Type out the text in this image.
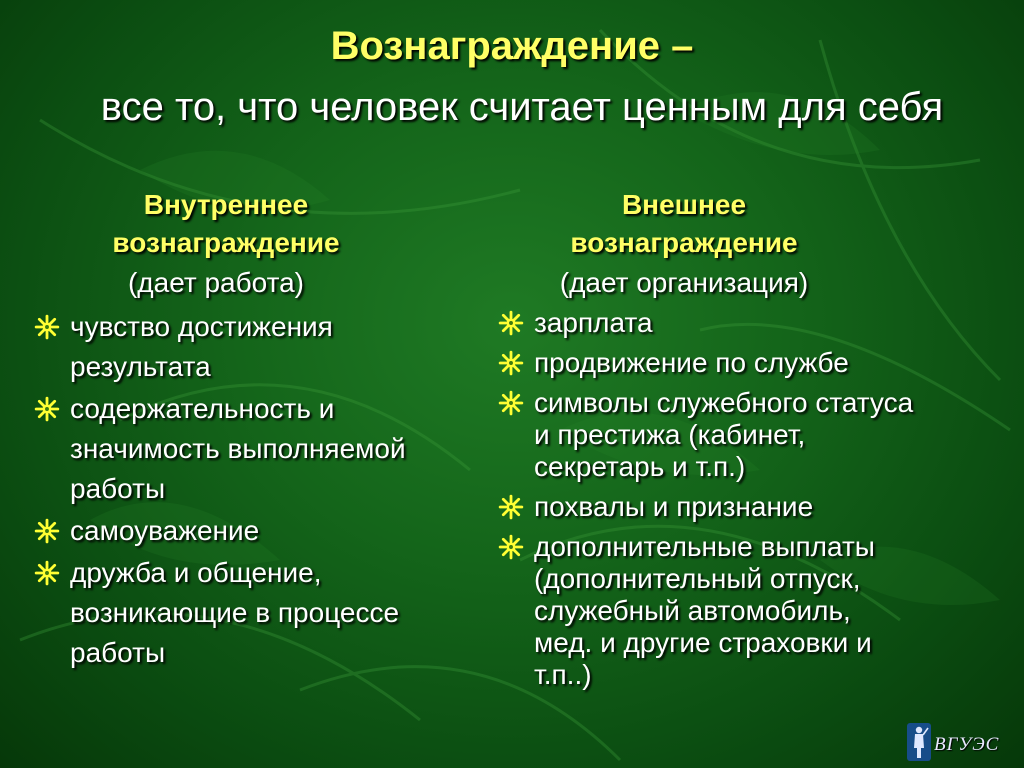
Вознаграждение –
все то, что человек считает ценным для себя
Внутреннее
вознаграждение
(дает работа)
чувство достижения
результата
содержательность и
значимость выполняемой
работы
самоуважение
дружба и общение,
возникающие в процессе
работы
Внешнее
вознаграждение
(дает организация)
зарплата
продвижение по службе
символы служебного статуса
и престижа (кабинет,
секретарь и т.п.)
похвалы и признание
дополнительные выплаты
(дополнительный отпуск,
служебный автомобиль,
мед. и другие страховки и
т.п..)
ВГУЭС
